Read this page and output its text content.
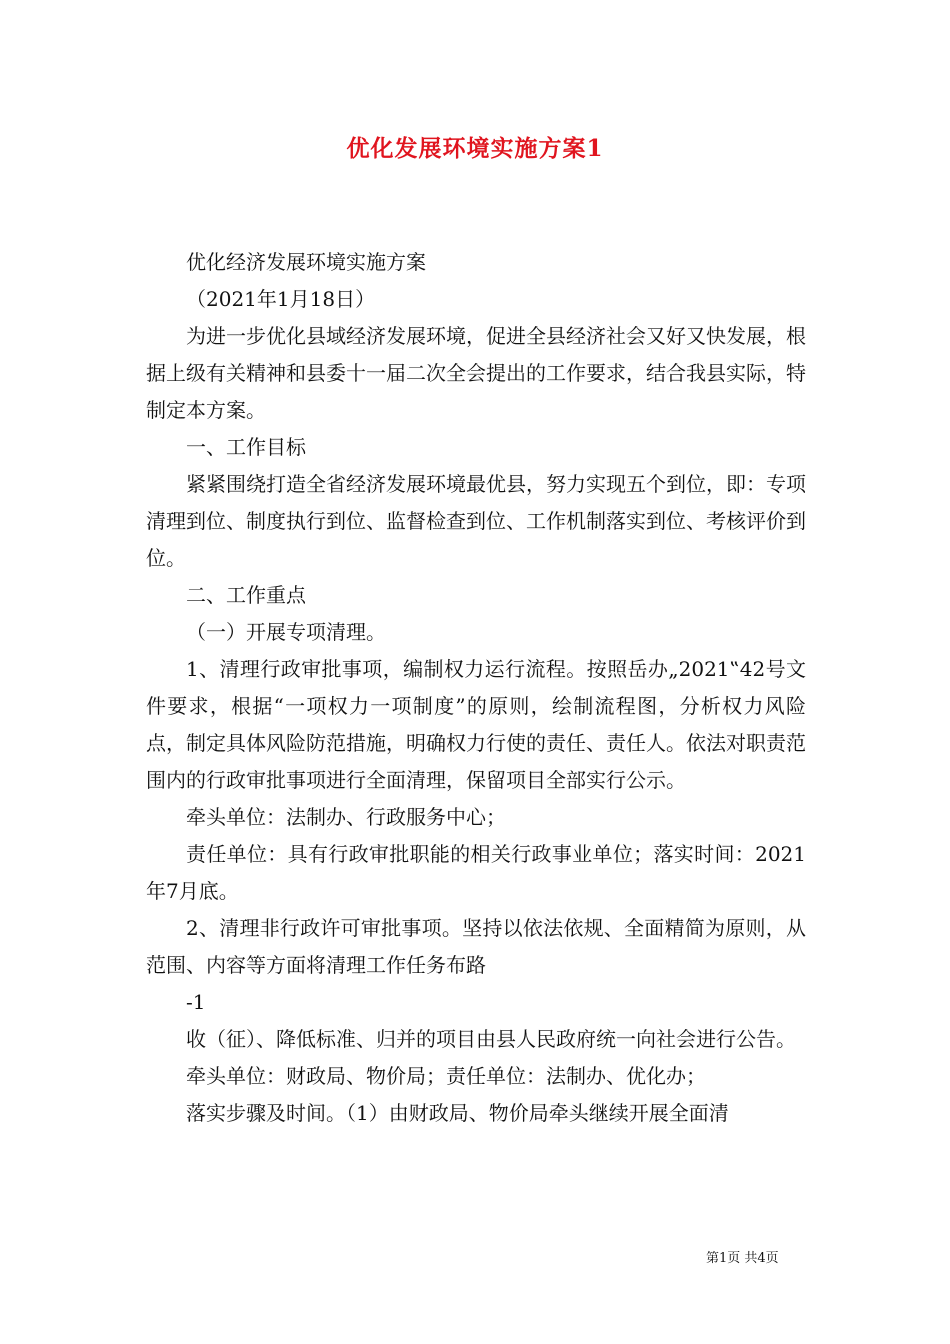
优化发展环境实施方案1

优化经济发展环境实施方案

（2021年1月18日）

为进一步优化县域经济发展环境，促进全县经济社会又好又快发展，根据上级有关精神和县委十一届二次全会提出的工作要求，结合我县实际，特制定本方案。

一、工作目标

紧紧围绕打造全省经济发展环境最优县，努力实现五个到位，即：专项清理到位、制度执行到位、监督检查到位、工作机制落实到位、考核评价到位。

二、工作重点

（一）开展专项清理。

1、清理行政审批事项，编制权力运行流程。按照岳办„2021‟42号文件要求，根据“一项权力一项制度”的原则，绘制流程图，分析权力风险点，制定具体风险防范措施，明确权力行使的责任、责任人。依法对职责范围内的行政审批事项进行全面清理，保留项目全部实行公示。

牵头单位：法制办、行政服务中心；

责任单位：具有行政审批职能的相关行政事业单位；落实时间：2021年7月底。

2、清理非行政许可审批事项。坚持以依法依规、全面精简为原则，从范围、内容等方面将清理工作任务布路

-1

收（征）、降低标准、归并的项目由县人民政府统一向社会进行公告。

牵头单位：财政局、物价局；责任单位：法制办、优化办；

落实步骤及时间。（1）由财政局、物价局牵头继续开展全面清

第1页 共4页
